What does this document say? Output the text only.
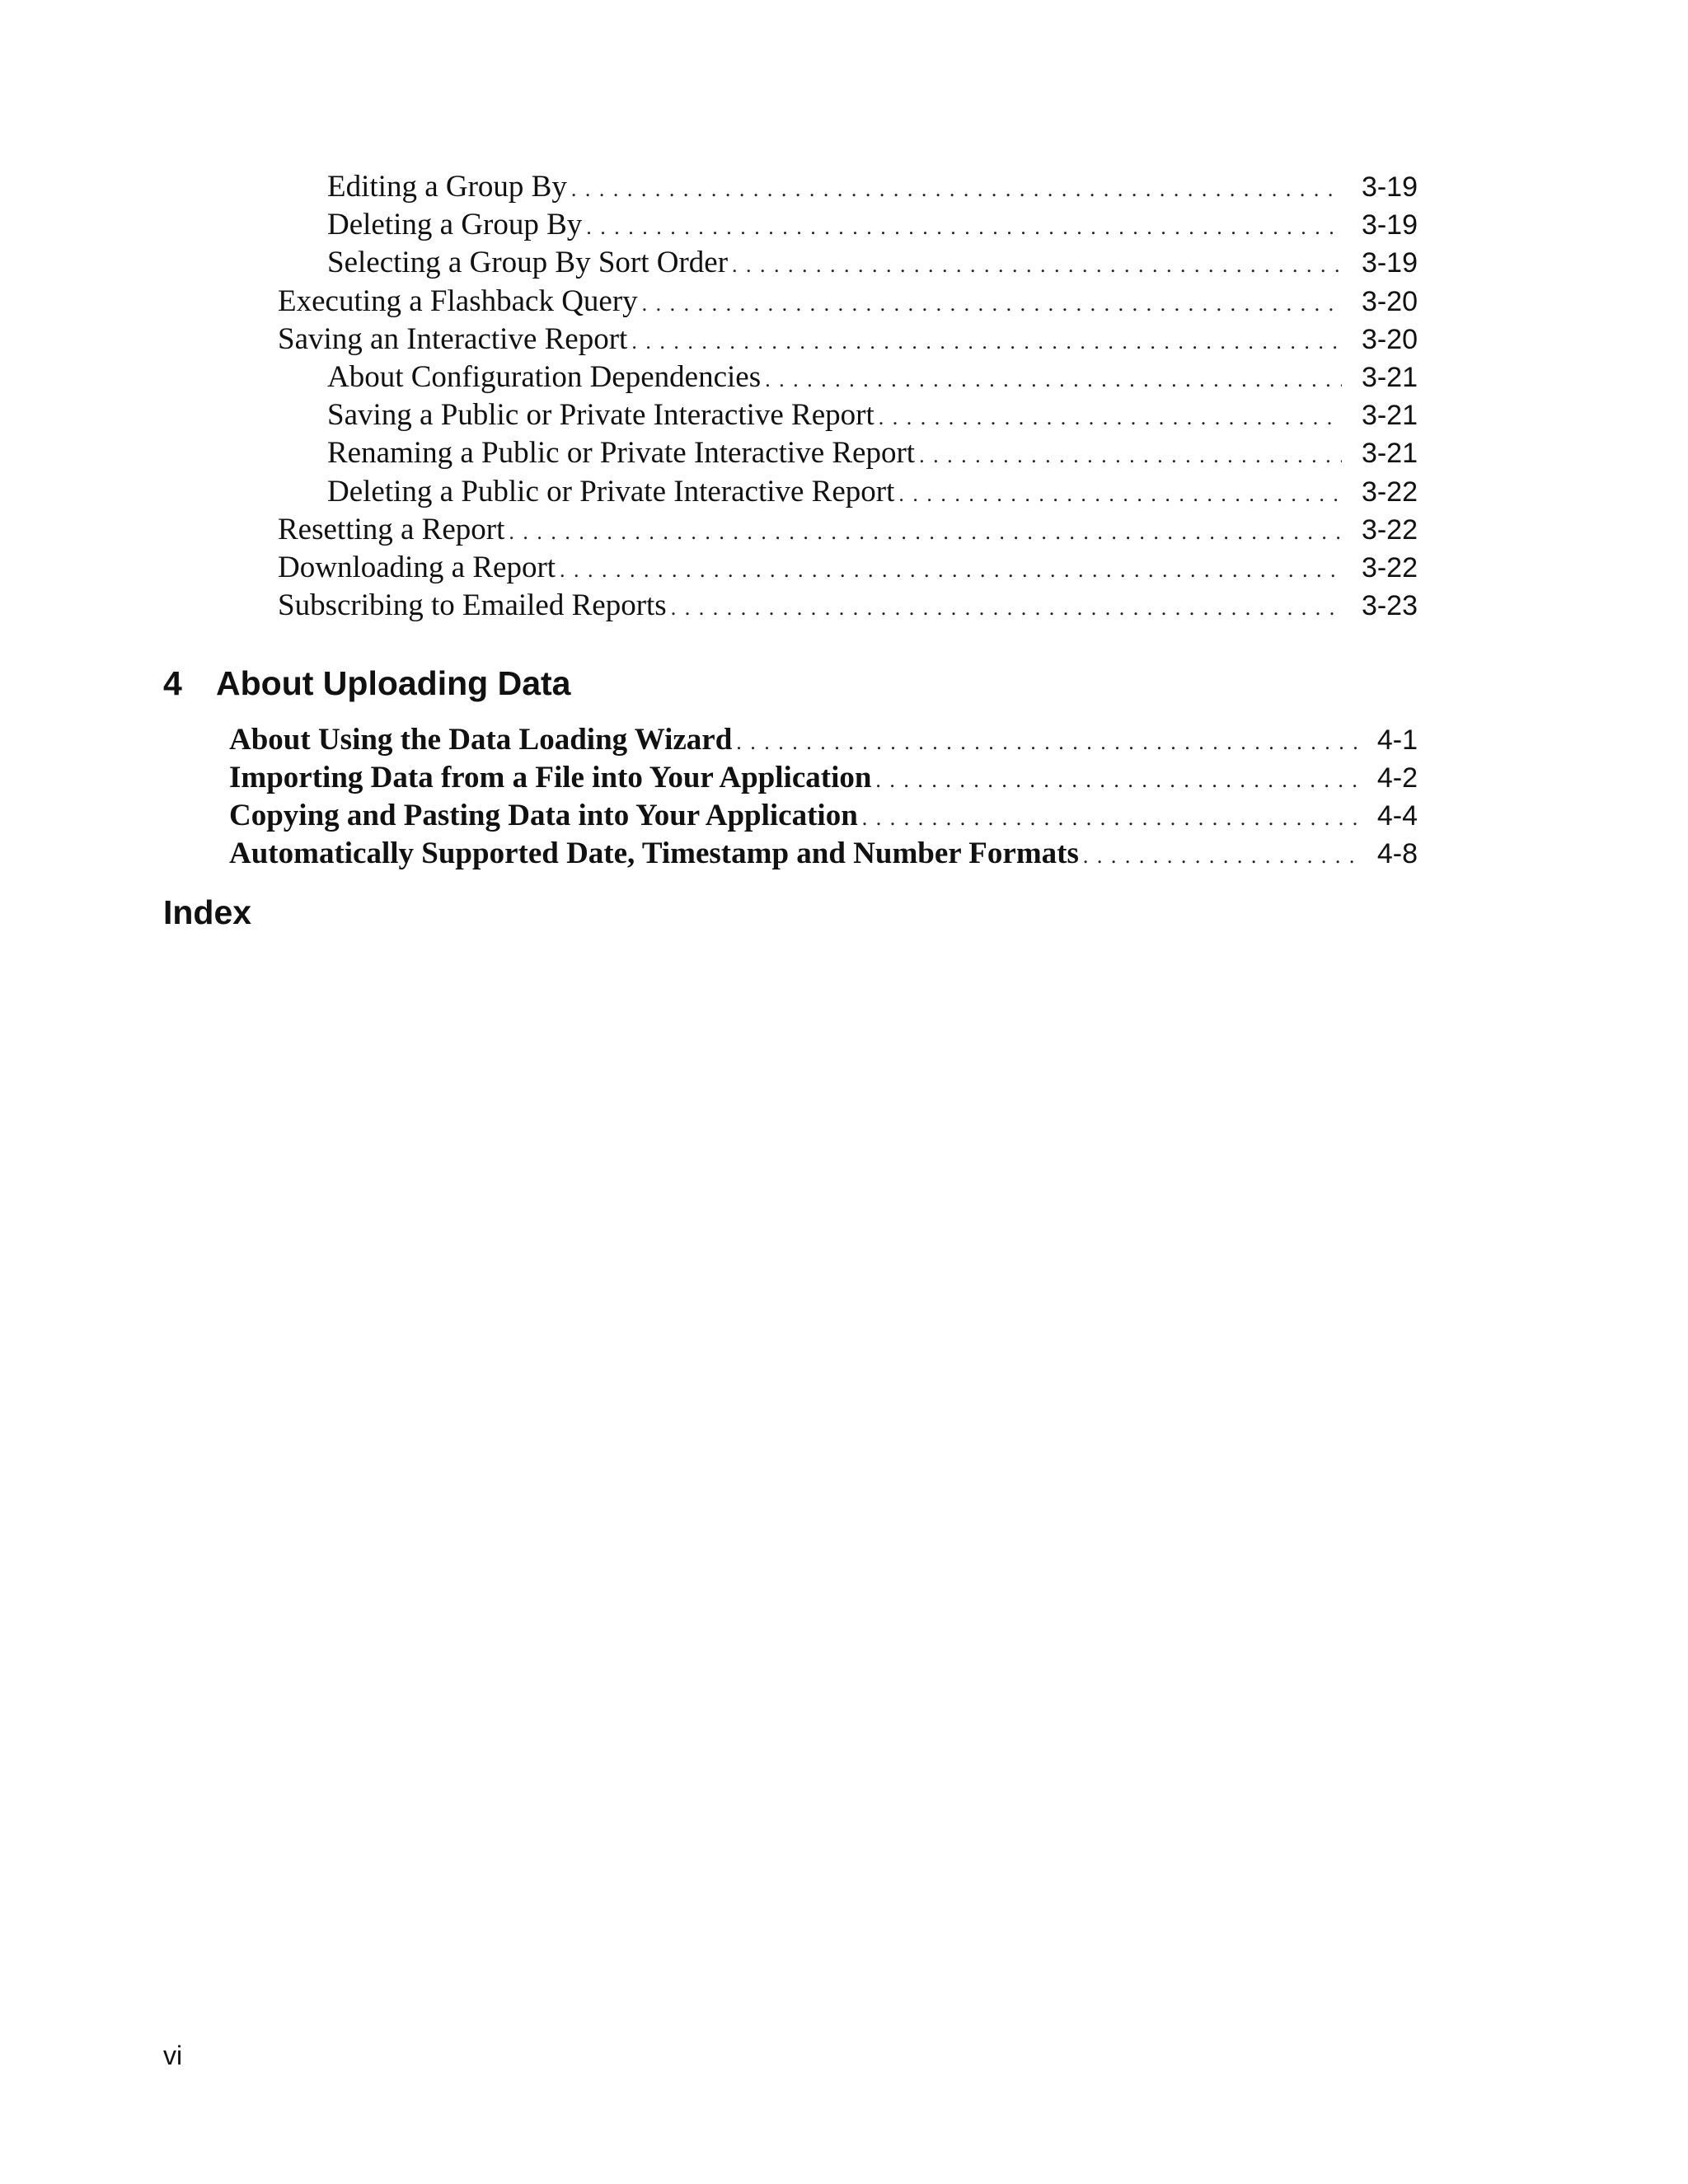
Editing a Group By . . .	3-19
Deleting a Group By . . .	3-19
Selecting a Group By Sort Order . . .	3-19
Executing a Flashback Query . . .	3-20
Saving an Interactive Report . . .	3-20
About Configuration Dependencies . . .	3-21
Saving a Public or Private Interactive Report . . .	3-21
Renaming a Public or Private Interactive Report . . .	3-21
Deleting a Public or Private Interactive Report . . .	3-22
Resetting a Report . . .	3-22
Downloading a Report . . .	3-22
Subscribing to Emailed Reports . . .	3-23
4 About Uploading Data
About Using the Data Loading Wizard . . .	4-1
Importing Data from a File into Your Application . . .	4-2
Copying and Pasting Data into Your Application . . .	4-4
Automatically Supported Date, Timestamp and Number Formats . . .	4-8
Index
vi
